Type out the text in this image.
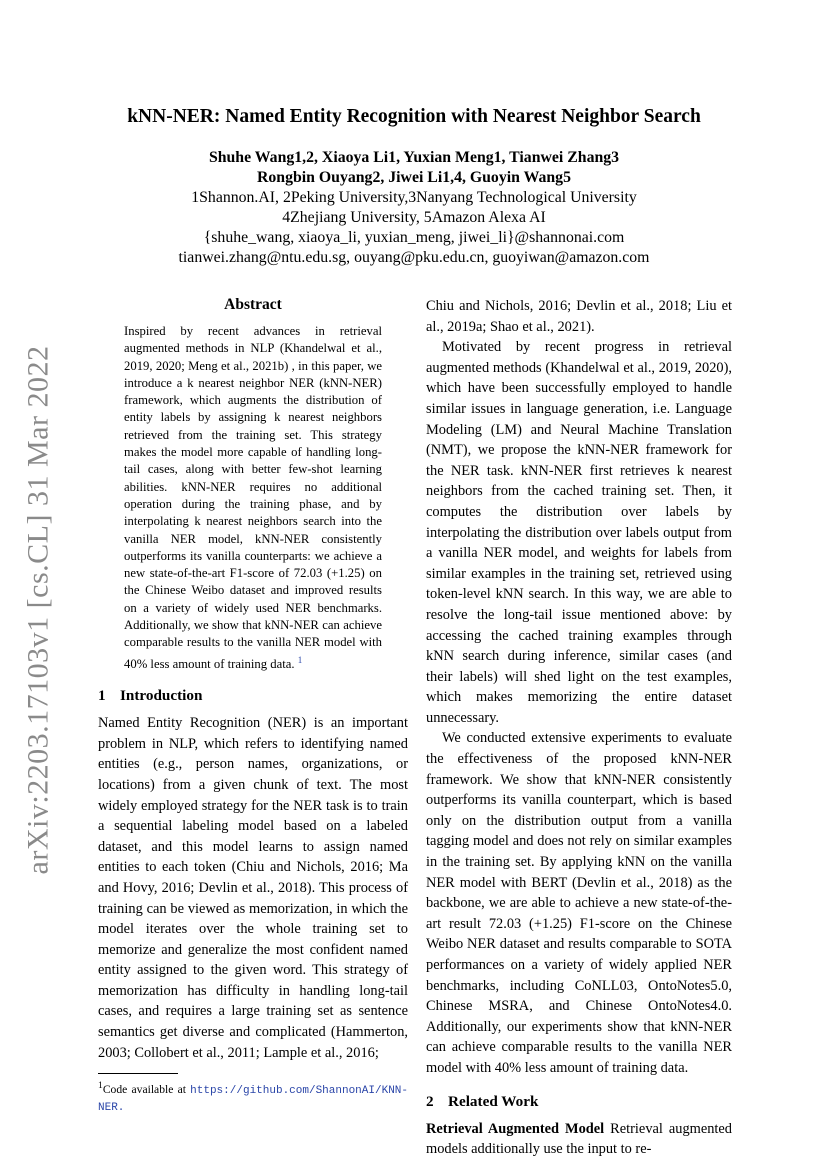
arXiv:2203.17103v1 [cs.CL] 31 Mar 2022
kNN-NER: Named Entity Recognition with Nearest Neighbor Search
Shuhe Wang1,2, Xiaoya Li1, Yuxian Meng1, Tianwei Zhang3
Rongbin Ouyang2, Jiwei Li1,4, Guoyin Wang5
1Shannon.AI, 2Peking University,3Nanyang Technological University
4Zhejiang University, 5Amazon Alexa AI
{shuhe_wang, xiaoya_li, yuxian_meng, jiwei_li}@shannonai.com
tianwei.zhang@ntu.edu.sg, ouyang@pku.edu.cn, guoyiwan@amazon.com
Abstract
Inspired by recent advances in retrieval augmented methods in NLP (Khandelwal et al., 2019, 2020; Meng et al., 2021b) , in this paper, we introduce a k nearest neighbor NER (kNN-NER) framework, which augments the distribution of entity labels by assigning k nearest neighbors retrieved from the training set. This strategy makes the model more capable of handling long-tail cases, along with better few-shot learning abilities. kNN-NER requires no additional operation during the training phase, and by interpolating k nearest neighbors search into the vanilla NER model, kNN-NER consistently outperforms its vanilla counterparts: we achieve a new state-of-the-art F1-score of 72.03 (+1.25) on the Chinese Weibo dataset and improved results on a variety of widely used NER benchmarks. Additionally, we show that kNN-NER can achieve comparable results to the vanilla NER model with 40% less amount of training data. $^1$
1 Introduction

Named Entity Recognition (NER) is an important problem in NLP, which refers to identifying named entities (e.g., person names, organizations, or locations) from a given chunk of text. The most widely employed strategy for the NER task is to train a sequential labeling model based on a labeled dataset, and this model learns to assign named entities to each token (Chiu and Nichols, 2016; Ma and Hovy, 2016; Devlin et al., 2018). This process of training can be viewed as memorization, in which the model iterates over the whole training set to memorize and generalize the most confident named entity assigned to the given word. This strategy of memorization has difficulty in handling long-tail cases, and requires a large training set as sentence semantics get diverse and complicated (Hammerton, 2003; Collobert et al., 2011; Lample et al., 2016;

$^1$Code available at https://github.com/ShannonAI/KNN-NER.

Chiu and Nichols, 2016; Devlin et al., 2018; Liu et al., 2019a; Shao et al., 2021).

Motivated by recent progress in retrieval augmented methods (Khandelwal et al., 2019, 2020), which have been successfully employed to handle similar issues in language generation, i.e. Language Modeling (LM) and Neural Machine Translation (NMT), we propose the kNN-NER framework for the NER task. kNN-NER first retrieves k nearest neighbors from the cached training set. Then, it computes the distribution over labels by interpolating the distribution over labels output from a vanilla NER model, and weights for labels from similar examples in the training set, retrieved using token-level kNN search. In this way, we are able to resolve the long-tail issue mentioned above: by accessing the cached training examples through kNN search during inference, similar cases (and their labels) will shed light on the test examples, which makes memorizing the entire dataset unnecessary.

We conducted extensive experiments to evaluate the effectiveness of the proposed kNN-NER framework. We show that kNN-NER consistently outperforms its vanilla counterpart, which is based only on the distribution output from a vanilla tagging model and does not rely on similar examples in the training set. By applying kNN on the vanilla NER model with BERT (Devlin et al., 2018) as the backbone, we are able to achieve a new state-of-the-art result 72.03 (+1.25) F1-score on the Chinese Weibo NER dataset and results comparable to SOTA performances on a variety of widely applied NER benchmarks, including CoNLL03, OntoNotes5.0, Chinese MSRA, and Chinese OntoNotes4.0. Additionally, our experiments show that kNN-NER can achieve comparable results to the vanilla NER model with 40% less amount of training data.

2 Related Work

Retrieval Augmented Model Retrieval augmented models additionally use the input to re-
